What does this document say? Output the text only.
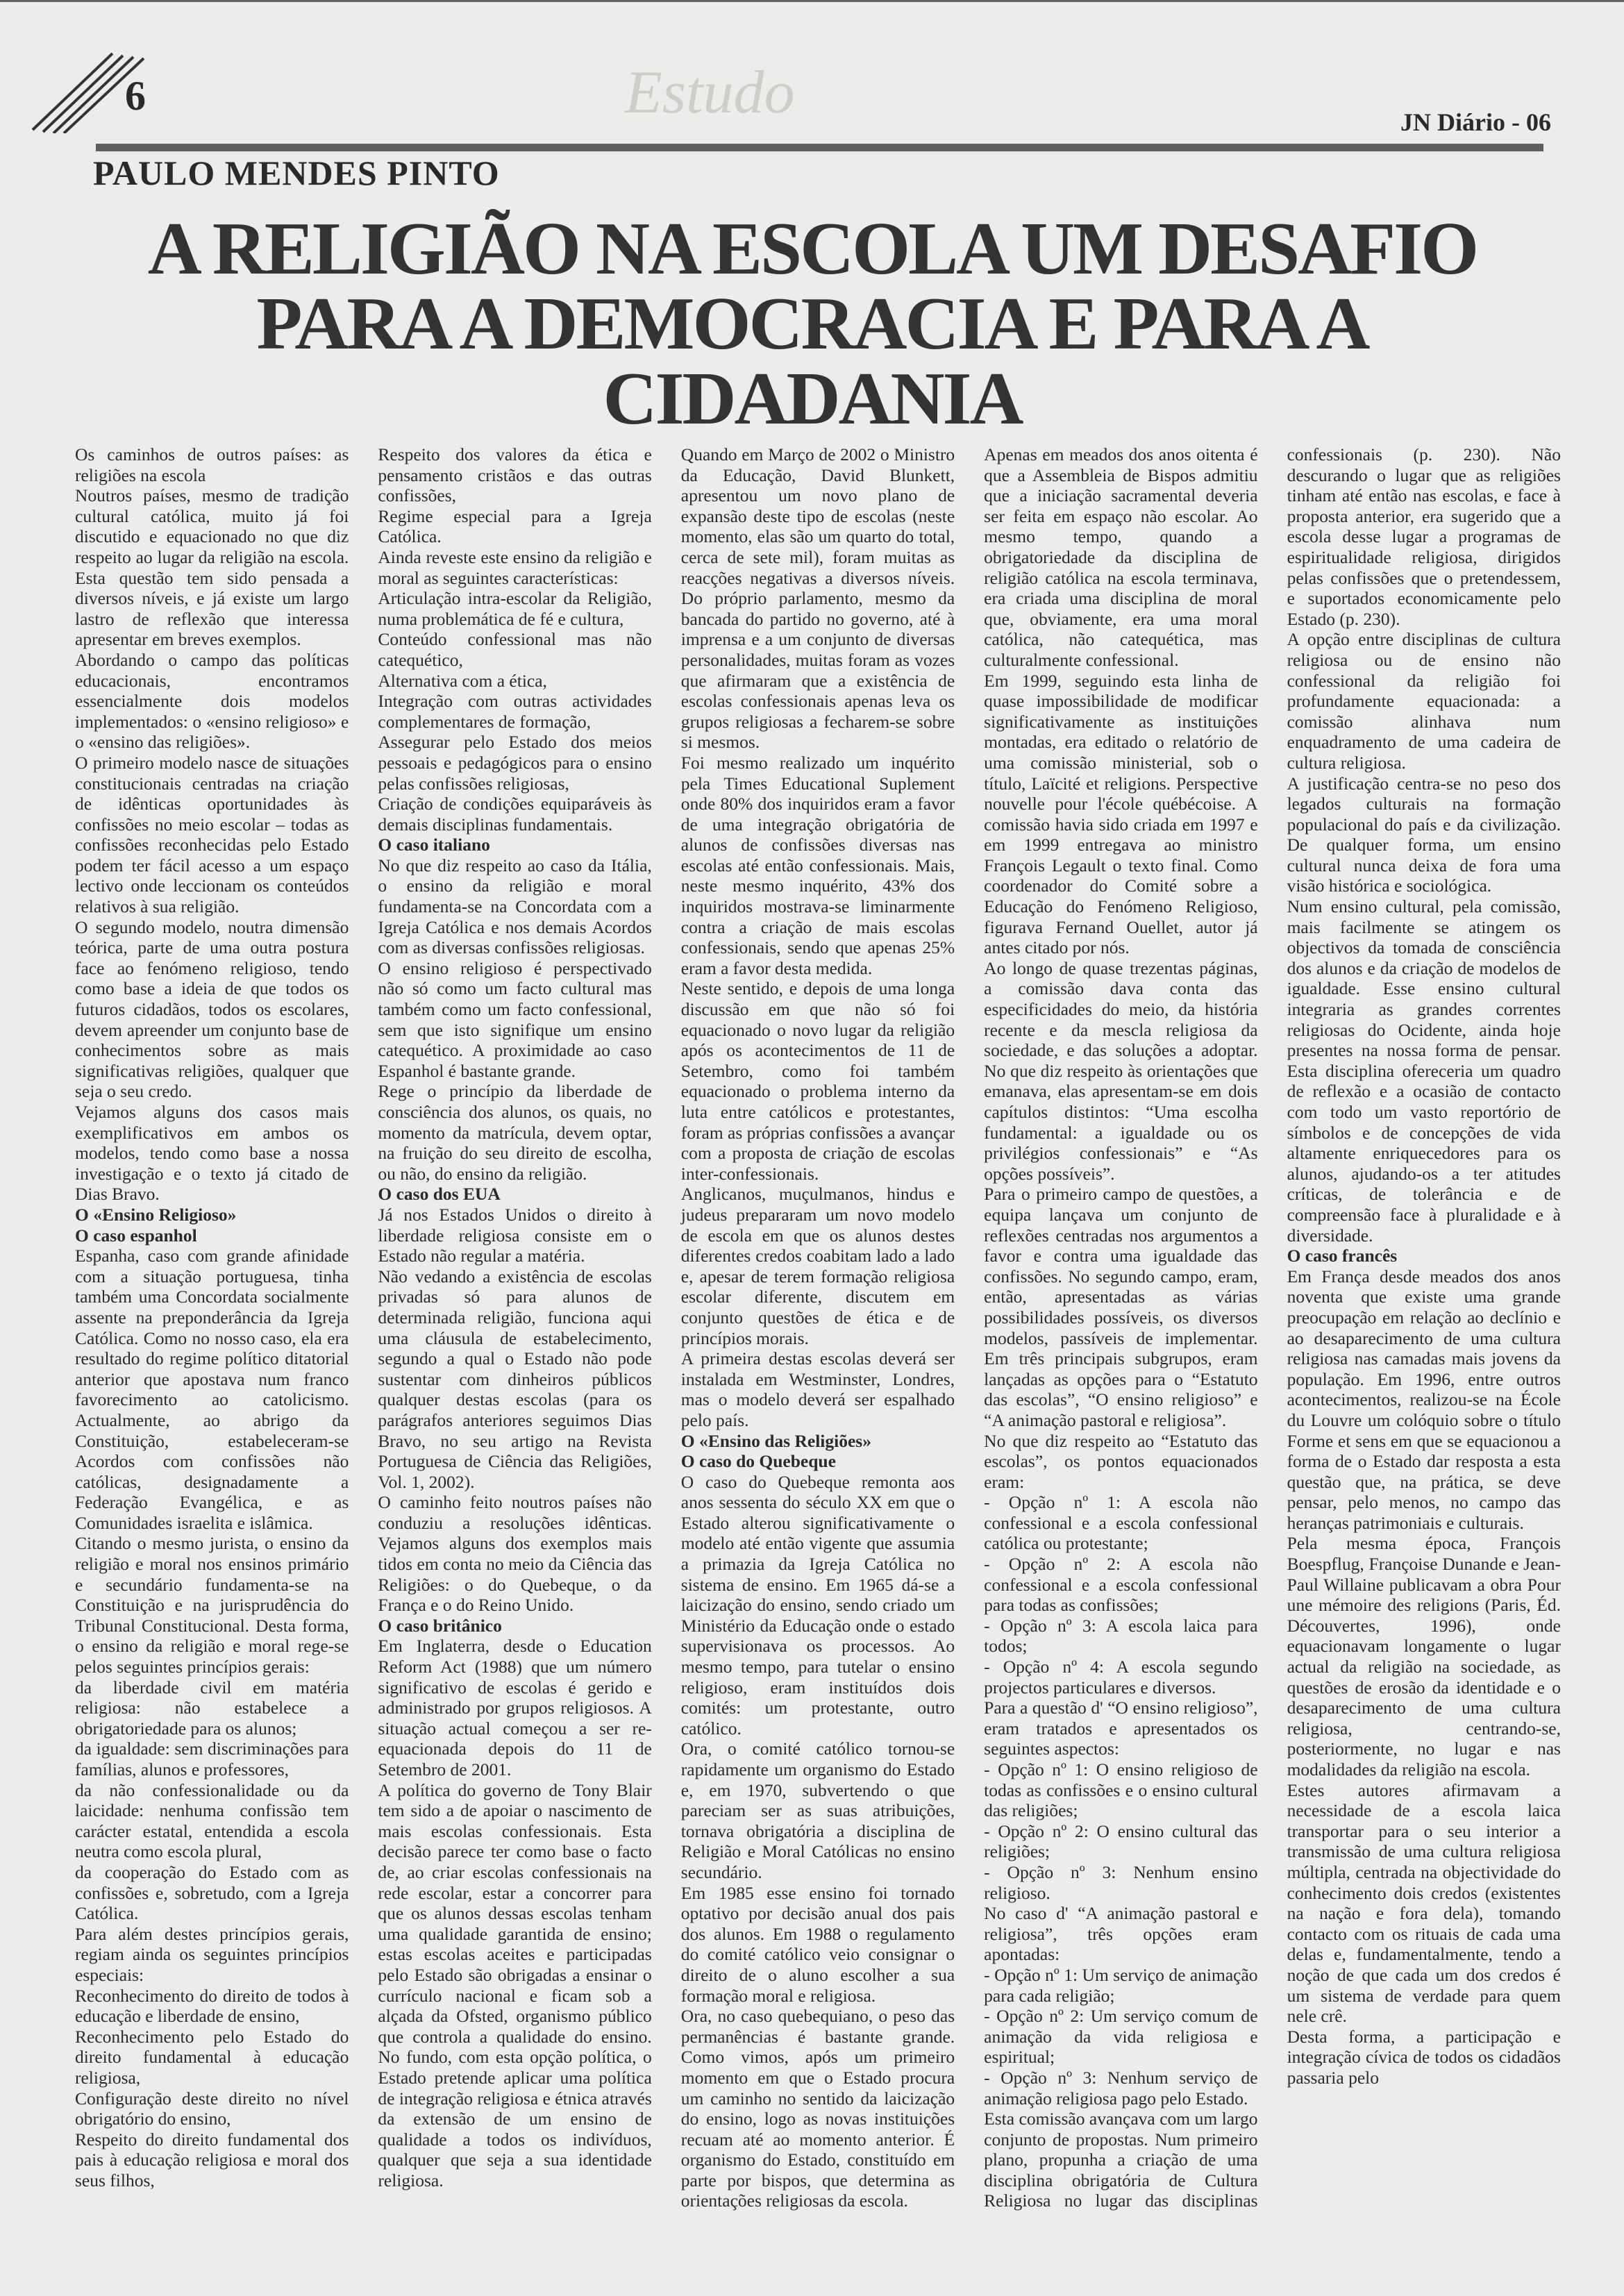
6	Estudo	JN Diário - 06
PAULO MENDES PINTO
A RELIGIÃO NA ESCOLA UM DESAFIO
PARA A DEMOCRACIA E PARA A
CIDADANIA

Os caminhos de outros países: as religiões na escola

Noutros países, mesmo de tradição cultural católica, muito já foi discutido e equacionado no que diz respeito ao lugar da religião na escola. Esta questão tem sido pensada a diversos níveis, e já existe um largo lastro de reflexão que interessa apresentar em breves exemplos.

Abordando o campo das políticas educacionais, encontramos essencialmente dois modelos implementados: o «ensino religioso» e o «ensino das religiões».

O primeiro modelo nasce de situações constitucionais centradas na criação de idênticas oportunidades às confissões no meio escolar – todas as confissões reconhecidas pelo Estado podem ter fácil acesso a um espaço lectivo onde leccionam os conteúdos relativos à sua religião.

O segundo modelo, noutra dimensão teórica, parte de uma outra postura face ao fenómeno religioso, tendo como base a ideia de que todos os futuros cidadãos, todos os escolares, devem apreender um conjunto base de conhecimentos sobre as mais significativas religiões, qualquer que seja o seu credo.

Vejamos alguns dos casos mais exemplificativos em ambos os modelos, tendo como base a nossa investigação e o texto já citado de Dias Bravo.

O «Ensino Religioso»

O caso espanhol

Espanha, caso com grande afinidade com a situação portuguesa, tinha também uma Concordata socialmente assente na preponderância da Igreja Católica. Como no nosso caso, ela era resultado do regime político ditatorial anterior que apostava num franco favorecimento ao catolicismo. Actualmente, ao abrigo da Constituição, estabeleceram-se Acordos com confissões não católicas, designadamente a Federação Evangélica, e as Comunidades israelita e islâmica.

Citando o mesmo jurista, o ensino da religião e moral nos ensinos primário e secundário fundamenta-se na Constituição e na jurisprudência do Tribunal Constitucional. Desta forma, o ensino da religião e moral rege-se pelos seguintes princípios gerais:

da liberdade civil em matéria religiosa: não estabelece a obrigatoriedade para os alunos;

da igualdade: sem discriminações para famílias, alunos e professores,

da não confessionalidade ou da laicidade: nenhuma confissão tem carácter estatal, entendida a escola neutra como escola plural,

da cooperação do Estado com as confissões e, sobretudo, com a Igreja Católica.

Para além destes princípios gerais, regiam ainda os seguintes princípios especiais:

Reconhecimento do direito de todos à educação e liberdade de ensino,

Reconhecimento pelo Estado do direito fundamental à educação religiosa,

Configuração deste direito no nível obrigatório do ensino,

Respeito do direito fundamental dos pais à educação religiosa e moral dos seus filhos,

Respeito dos valores da ética e pensamento cristãos e das outras confissões,

Regime especial para a Igreja Católica.

Ainda reveste este ensino da religião e moral as seguintes características:

Articulação intra-escolar da Religião, numa problemática de fé e cultura,

Conteúdo confessional mas não catequético,

Alternativa com a ética,

Integração com outras actividades complementares de formação,

Assegurar pelo Estado dos meios pessoais e pedagógicos para o ensino pelas confissões religiosas,

Criação de condições equiparáveis às demais disciplinas fundamentais.

O caso italiano

No que diz respeito ao caso da Itália, o ensino da religião e moral fundamenta-se na Concordata com a Igreja Católica e nos demais Acordos com as diversas confissões religiosas.

O ensino religioso é perspectivado não só como um facto cultural mas também como um facto confessional, sem que isto signifique um ensino catequético. A proximidade ao caso Espanhol é bastante grande.

Rege o princípio da liberdade de consciência dos alunos, os quais, no momento da matrícula, devem optar, na fruição do seu direito de escolha, ou não, do ensino da religião.

O caso dos EUA

Já nos Estados Unidos o direito à liberdade religiosa consiste em o Estado não regular a matéria.

Não vedando a existência de escolas privadas só para alunos de determinada religião, funciona aqui uma cláusula de estabelecimento, segundo a qual o Estado não pode sustentar com dinheiros públicos qualquer destas escolas (para os parágrafos anteriores seguimos Dias Bravo, no seu artigo na Revista Portuguesa de Ciência das Religiões, Vol. 1, 2002).

O caminho feito noutros países não conduziu a resoluções idênticas. Vejamos alguns dos exemplos mais tidos em conta no meio da Ciência das Religiões: o do Quebeque, o da França e o do Reino Unido.

O caso britânico

Em Inglaterra, desde o Education Reform Act (1988) que um número significativo de escolas é gerido e administrado por grupos religiosos. A situação actual começou a ser re-equacionada depois do 11 de Setembro de 2001.

A política do governo de Tony Blair tem sido a de apoiar o nascimento de mais escolas confessionais. Esta decisão parece ter como base o facto de, ao criar escolas confessionais na rede escolar, estar a concorrer para que os alunos dessas escolas tenham uma qualidade garantida de ensino; estas escolas aceites e participadas pelo Estado são obrigadas a ensinar o currículo nacional e ficam sob a alçada da Ofsted, organismo público que controla a qualidade do ensino. No fundo, com esta opção política, o Estado pretende aplicar uma política de integração religiosa e étnica através da extensão de um ensino de qualidade a todos os indivíduos, qualquer que seja a sua identidade religiosa.

Quando em Março de 2002 o Ministro da Educação, David Blunkett, apresentou um novo plano de expansão deste tipo de escolas (neste momento, elas são um quarto do total, cerca de sete mil), foram muitas as reacções negativas a diversos níveis. Do próprio parlamento, mesmo da bancada do partido no governo, até à imprensa e a um conjunto de diversas personalidades, muitas foram as vozes que afirmaram que a existência de escolas confessionais apenas leva os grupos religiosas a fecharem-se sobre si mesmos.

Foi mesmo realizado um inquérito pela Times Educational Suplement onde 80% dos inquiridos eram a favor de uma integração obrigatória de alunos de confissões diversas nas escolas até então confessionais. Mais, neste mesmo inquérito, 43% dos inquiridos mostrava-se liminarmente contra a criação de mais escolas confessionais, sendo que apenas 25% eram a favor desta medida.

Neste sentido, e depois de uma longa discussão em que não só foi equacionado o novo lugar da religião após os acontecimentos de 11 de Setembro, como foi também equacionado o problema interno da luta entre católicos e protestantes, foram as próprias confissões a avançar com a proposta de criação de escolas inter-confessionais.

Anglicanos, muçulmanos, hindus e judeus prepararam um novo modelo de escola em que os alunos destes diferentes credos coabitam lado a lado e, apesar de terem formação religiosa escolar diferente, discutem em conjunto questões de ética e de princípios morais.

A primeira destas escolas deverá ser instalada em Westminster, Londres, mas o modelo deverá ser espalhado pelo país.

O «Ensino das Religiões»

O caso do Quebeque

O caso do Quebeque remonta aos anos sessenta do século XX em que o Estado alterou significativamente o modelo até então vigente que assumia a primazia da Igreja Católica no sistema de ensino. Em 1965 dá-se a laicização do ensino, sendo criado um Ministério da Educação onde o estado supervisionava os processos. Ao mesmo tempo, para tutelar o ensino religioso, eram instituídos dois comités: um protestante, outro católico.

Ora, o comité católico tornou-se rapidamente um organismo do Estado e, em 1970, subvertendo o que pareciam ser as suas atribuições, tornava obrigatória a disciplina de Religião e Moral Católicas no ensino secundário.

Em 1985 esse ensino foi tornado optativo por decisão anual dos pais dos alunos. Em 1988 o regulamento do comité católico veio consignar o direito de o aluno escolher a sua formação moral e religiosa.

Ora, no caso quebequiano, o peso das permanências é bastante grande. Como vimos, após um primeiro momento em que o Estado procura um caminho no sentido da laicização do ensino, logo as novas instituições recuam até ao momento anterior. É organismo do Estado, constituído em parte por bispos, que determina as orientações religiosas da escola.

Apenas em meados dos anos oitenta é que a Assembleia de Bispos admitiu que a iniciação sacramental deveria ser feita em espaço não escolar. Ao mesmo tempo, quando a obrigatoriedade da disciplina de religião católica na escola terminava, era criada uma disciplina de moral que, obviamente, era uma moral católica, não catequética, mas culturalmente confessional.

Em 1999, seguindo esta linha de quase impossibilidade de modificar significativamente as instituições montadas, era editado o relatório de uma comissão ministerial, sob o título, Laïcité et religions. Perspective nouvelle pour l'école québécoise. A comissão havia sido criada em 1997 e em 1999 entregava ao ministro François Legault o texto final. Como coordenador do Comité sobre a Educação do Fenómeno Religioso, figurava Fernand Ouellet, autor já antes citado por nós.

Ao longo de quase trezentas páginas, a comissão dava conta das especificidades do meio, da história recente e da mescla religiosa da sociedade, e das soluções a adoptar. No que diz respeito às orientações que emanava, elas apresentam-se em dois capítulos distintos: “Uma escolha fundamental: a igualdade ou os privilégios confessionais” e “As opções possíveis”.

Para o primeiro campo de questões, a equipa lançava um conjunto de reflexões centradas nos argumentos a favor e contra uma igualdade das confissões. No segundo campo, eram, então, apresentadas as várias possibilidades possíveis, os diversos modelos, passíveis de implementar. Em três principais subgrupos, eram lançadas as opções para o “Estatuto das escolas”, “O ensino religioso” e “A animação pastoral e religiosa”.

No que diz respeito ao “Estatuto das escolas”, os pontos equacionados eram:

- Opção nº 1: A escola não confessional e a escola confessional católica ou protestante;

- Opção nº 2: A escola não confessional e a escola confessional para todas as confissões;

- Opção nº 3: A escola laica para todos;

- Opção nº 4: A escola segundo projectos particulares e diversos.

Para a questão d' “O ensino religioso”, eram tratados e apresentados os seguintes aspectos:

- Opção nº 1: O ensino religioso de todas as confissões e o ensino cultural das religiões;

- Opção nº 2: O ensino cultural das religiões;

- Opção nº 3: Nenhum ensino religioso.

No caso d' “A animação pastoral e religiosa”, três opções eram apontadas:

- Opção nº 1: Um serviço de animação para cada religião;

- Opção nº 2: Um serviço comum de animação da vida religiosa e espiritual;

- Opção nº 3: Nenhum serviço de animação religiosa pago pelo Estado.

Esta comissão avançava com um largo conjunto de propostas. Num primeiro plano, propunha a criação de uma disciplina obrigatória de Cultura Religiosa no lugar das disciplinas confessionais (p. 230). Não descurando o lugar que as religiões tinham até então nas escolas, e face à proposta anterior, era sugerido que a escola desse lugar a programas de espiritualidade religiosa, dirigidos pelas confissões que o pretendessem, e suportados economicamente pelo Estado (p. 230).

A opção entre disciplinas de cultura religiosa ou de ensino não confessional da religião foi profundamente equacionada: a comissão alinhava num enquadramento de uma cadeira de cultura religiosa.

A justificação centra-se no peso dos legados culturais na formação populacional do país e da civilização. De qualquer forma, um ensino cultural nunca deixa de fora uma visão histórica e sociológica.

Num ensino cultural, pela comissão, mais facilmente se atingem os objectivos da tomada de consciência dos alunos e da criação de modelos de igualdade. Esse ensino cultural integraria as grandes correntes religiosas do Ocidente, ainda hoje presentes na nossa forma de pensar. Esta disciplina ofereceria um quadro de reflexão e a ocasião de contacto com todo um vasto reportório de símbolos e de concepções de vida altamente enriquecedores para os alunos, ajudando-os a ter atitudes críticas, de tolerância e de compreensão face à pluralidade e à diversidade.

O caso francês

Em França desde meados dos anos noventa que existe uma grande preocupação em relação ao declínio e ao desaparecimento de uma cultura religiosa nas camadas mais jovens da população. Em 1996, entre outros acontecimentos, realizou-se na École du Louvre um colóquio sobre o título Forme et sens em que se equacionou a forma de o Estado dar resposta a esta questão que, na prática, se deve pensar, pelo menos, no campo das heranças patrimoniais e culturais.

Pela mesma época, François Boespflug, Françoise Dunande e Jean-Paul Willaine publicavam a obra Pour une mémoire des religions (Paris, Éd. Découvertes, 1996), onde equacionavam longamente o lugar actual da religião na sociedade, as questões de erosão da identidade e o desaparecimento de uma cultura religiosa, centrando-se, posteriormente, no lugar e nas modalidades da religião na escola.

Estes autores afirmavam a necessidade de a escola laica transportar para o seu interior a transmissão de uma cultura religiosa múltipla, centrada na objectividade do conhecimento dois credos (existentes na nação e fora dela), tomando contacto com os rituais de cada uma delas e, fundamentalmente, tendo a noção de que cada um dos credos é um sistema de verdade para quem nele crê.

Desta forma, a participação e integração cívica de todos os cidadãos passaria pelo
